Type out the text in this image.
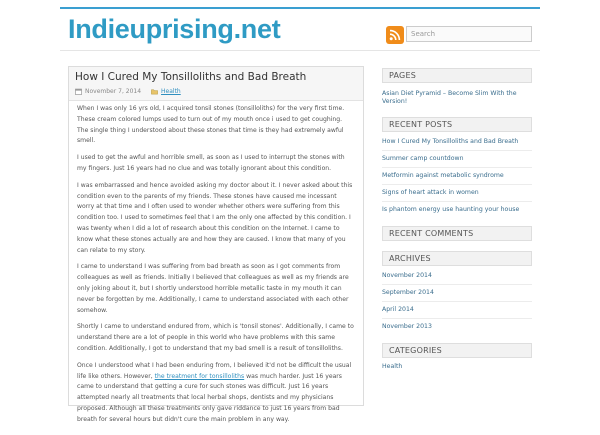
Indieuprising.net
Search
How I Cured My Tonsilloliths and Bad Breath
November 7, 2014	Health

When I was only 16 yrs old, I acquired tonsil stones (tonsilloliths) for the very first time. These cream colored lumps used to turn out of my mouth once i used to get coughing. The single thing I understood about these stones that time is they had extremely awful smell.

I used to get the awful and horrible smell, as soon as I used to interrupt the stones with my fingers. Just 16 years had no clue and was totally ignorant about this condition.

I was embarrassed and hence avoided asking my doctor about it. I never asked about this condition even to the parents of my friends. These stones have caused me incessant worry at that time and I often used to wonder whether others were suffering from this condition too. I used to sometimes feel that I am the only one affected by this condition. I was twenty when I did a lot of research about this condition on the Internet. I came to know what these stones actually are and how they are caused. I know that many of you can relate to my story.

I came to understand I was suffering from bad breath as soon as I got comments from colleagues as well as friends. Initially I believed that colleagues as well as my friends are only joking about it, but I shortly understood horrible metallic taste in my mouth it can never be forgotten by me. Additionally, I came to understand associated with each other somehow.

Shortly I came to understand endured from, which is 'tonsil stones'. Additionally, I came to understand there are a lot of people in this world who have problems with this same condition. Additionally, I got to understand that my bad smell is a result of tonsilloliths.

Once I understood what I had been enduring from, I believed it'd not be difficult the usual life like others. However, the treatment for tonsilloliths was much harder. Just 16 years came to understand that getting a cure for such stones was difficult. Just 16 years attempted nearly all treatments that local herbal shops, dentists and my physicians proposed. Although all these treatments only gave riddance to just 16 years from bad breath for several hours but didn't cure the main problem in any way.

PAGES
Asian Diet Pyramid – Become Slim With the Version!
RECENT POSTS
How I Cured My Tonsilloliths and Bad Breath
Summer camp countdown
Metformin against metabolic syndrome
Signs of heart attack in women
Is phantom energy use haunting your house
RECENT COMMENTS
ARCHIVES
November 2014
September 2014
April 2014
November 2013
CATEGORIES
Health
